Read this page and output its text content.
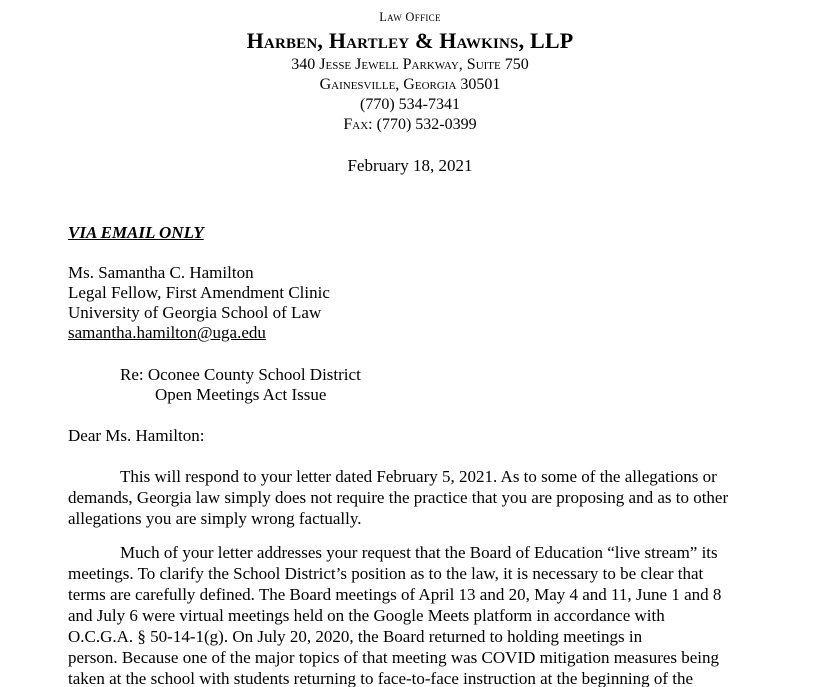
Law Office
Harben, Hartley & Hawkins, LLP
340 Jesse Jewell Parkway, Suite 750
Gainesville, Georgia 30501
(770) 534-7341
Fax: (770) 532-0399
February 18, 2021
VIA EMAIL ONLY
Ms. Samantha C. Hamilton
Legal Fellow, First Amendment Clinic
University of Georgia School of Law
samantha.hamilton@uga.edu
Re: Oconee County School District
Open Meetings Act Issue
Dear Ms. Hamilton:
This will respond to your letter dated February 5, 2021. As to some of the allegations or
demands, Georgia law simply does not require the practice that you are proposing and as to other
allegations you are simply wrong factually.
Much of your letter addresses your request that the Board of Education “live stream” its
meetings. To clarify the School District’s position as to the law, it is necessary to be clear that
terms are carefully defined. The Board meetings of April 13 and 20, May 4 and 11, June 1 and 8
and July 6 were virtual meetings held on the Google Meets platform in accordance with
O.C.G.A. § 50-14-1(g). On July 20, 2020, the Board returned to holding meetings in
person. Because one of the major topics of that meeting was COVID mitigation measures being
taken at the school with students returning to face-to-face instruction at the beginning of the
